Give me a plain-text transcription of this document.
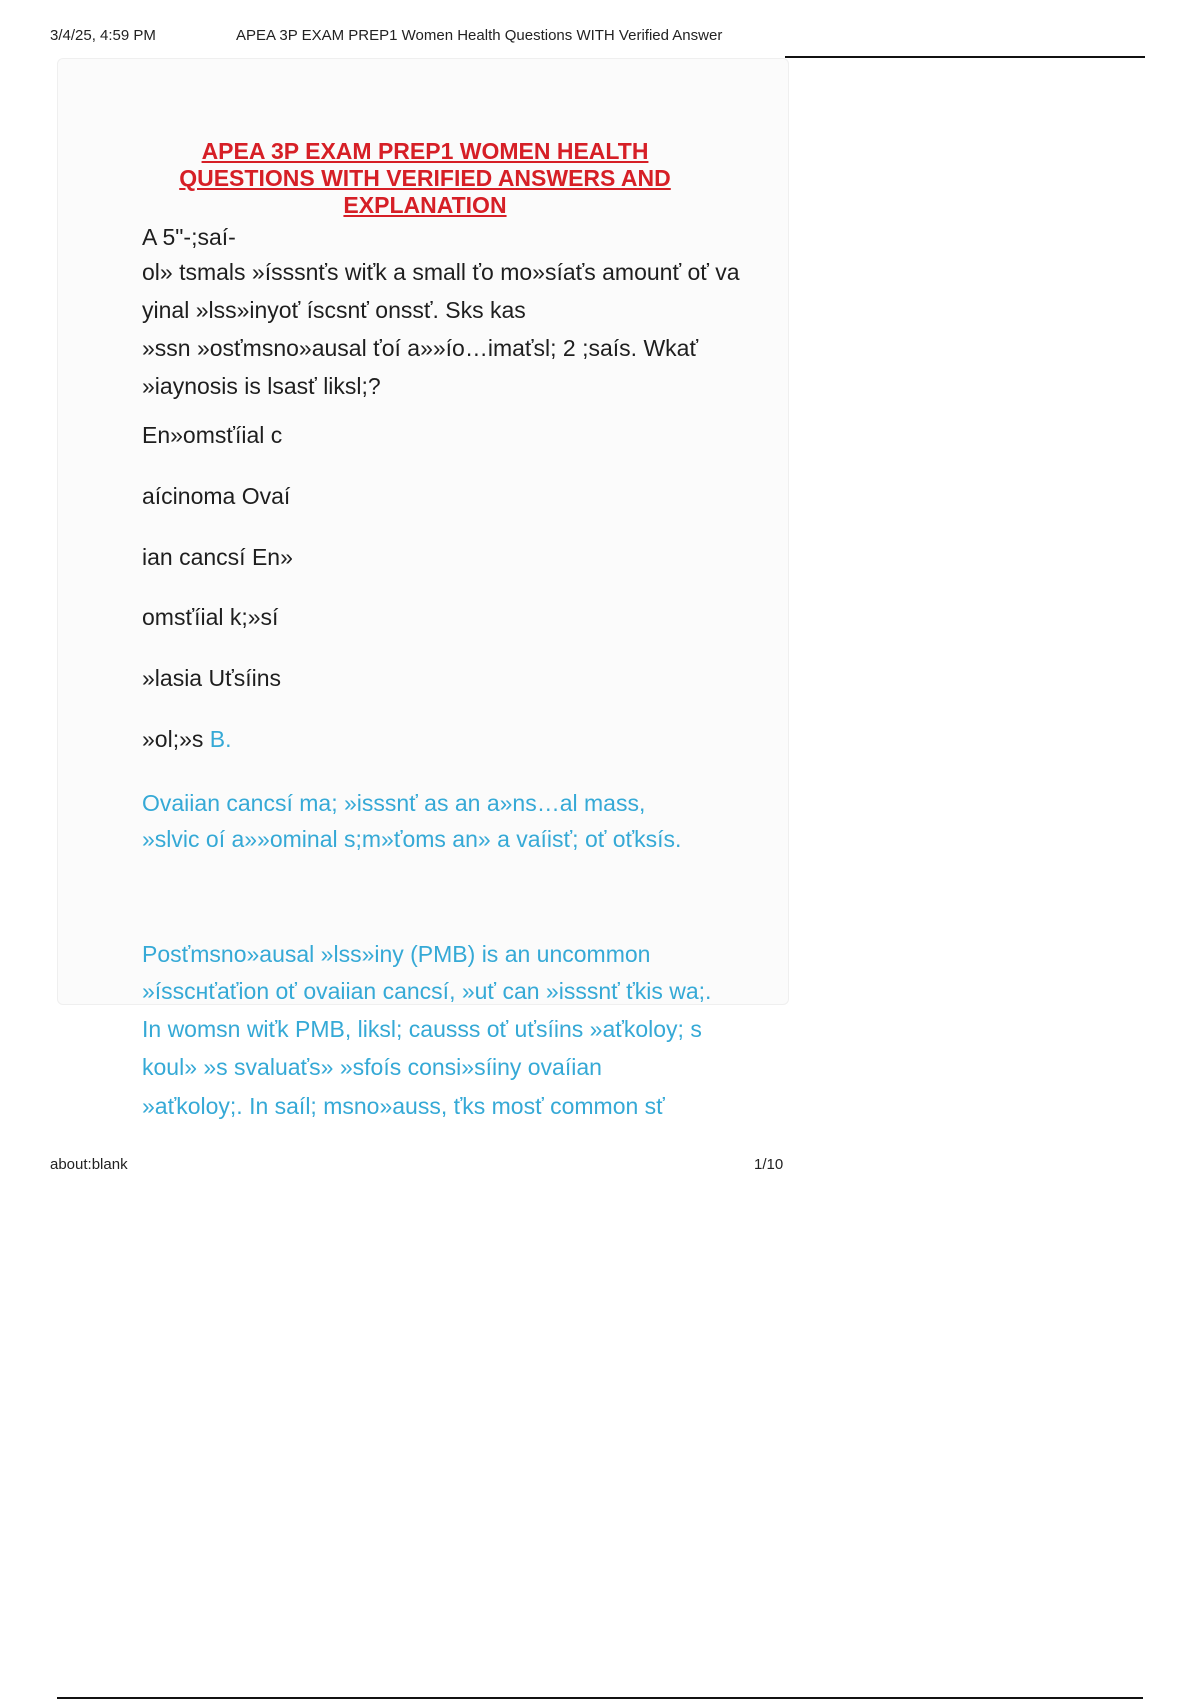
3/4/25, 4:59 PM	APEA 3P EXAM PREP1 Women Health Questions WITH Verified Answer
APEA 3P EXAM PREP1 WOMEN HEALTH
QUESTIONS WITH VERIFIED ANSWERS AND
EXPLANATION
A 5"-;saí-
ol» tsmals »ísssnťs wiťk a small ťo mo»síaťs amounť oť va
yinal »lss»inyoť íscsnť onssť. Sks kas
»ssn »osťmsno»ausal ťoí a»»ío…imaťsl; 2 ;saís. Wkať
»iaynosis is lsasť liksl;?
En»omsťíial c
aícinoma Ovaí
ian cancsí En»
omsťíial k;»sí
»lasia Uťsíins
»ol;»s B.
Ovaiian cancsí ma; »isssnť as an a»ns…al mass,
»slvic oí a»»ominal s;m»ťoms an» a vaíisť; oť oťksís.
Posťmsno»ausal »lss»iny (PMB) is an uncommon
»íssснťaťion oť ovaiian cancsí, »uť can »isssnť ťkis wa;.
In womsn wiťk PMB, liksl; causss oť uťsíins »aťkoloy; s
koul» »s svaluaťs» »sfoís consi»síiny ovaíian
»aťkoloy;. In saíl; msno»auss, ťks mosť common sť
about:blank	1/10
